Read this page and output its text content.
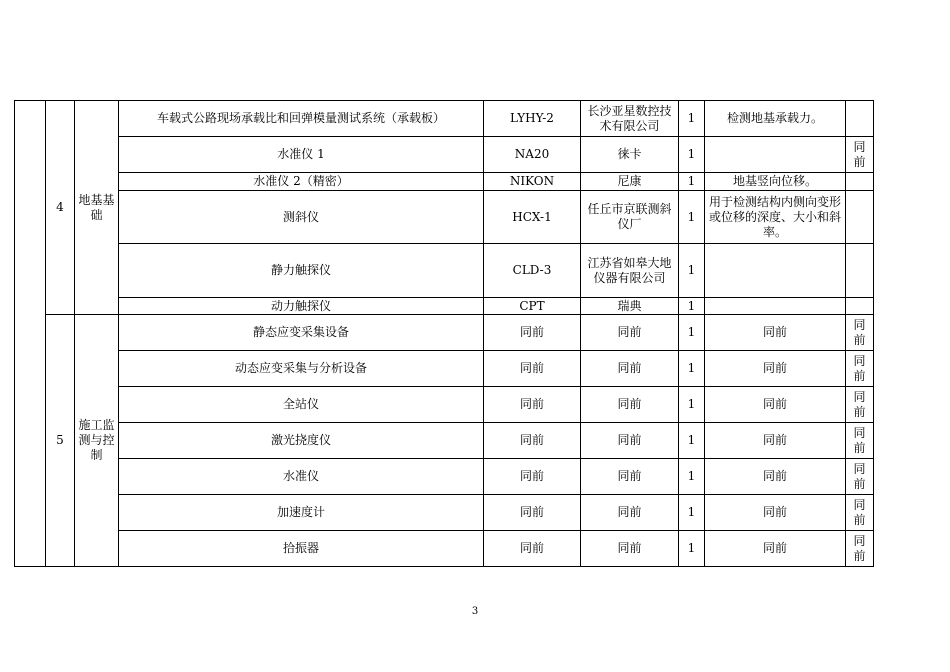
	4	地基基础	车载式公路现场承载比和回弹模量测试系统（承载板）	LYHY-2	长沙亚星数控技术有限公司	1	检测地基承载力。	
			水准仪 1	NA20	徕卡	1		同前
			水准仪 2（精密）	NIKON	尼康	1	地基竖向位移。	
			测斜仪	HCX-1	任丘市京联测斜仪厂	1	用于检测结构内侧向变形或位移的深度、大小和斜率。	
			静力触探仪	CLD-3	江苏省如皋大地仪器有限公司	1		
			动力触探仪	CPT	瑞典	1		
	5	施工监测与控制	静态应变采集设备	同前	同前	1	同前	同前
			动态应变采集与分析设备	同前	同前	1	同前	同前
			全站仪	同前	同前	1	同前	同前
			激光挠度仪	同前	同前	1	同前	同前
			水准仪	同前	同前	1	同前	同前
			加速度计	同前	同前	1	同前	同前
			拾振器	同前	同前	1	同前	同前
3
